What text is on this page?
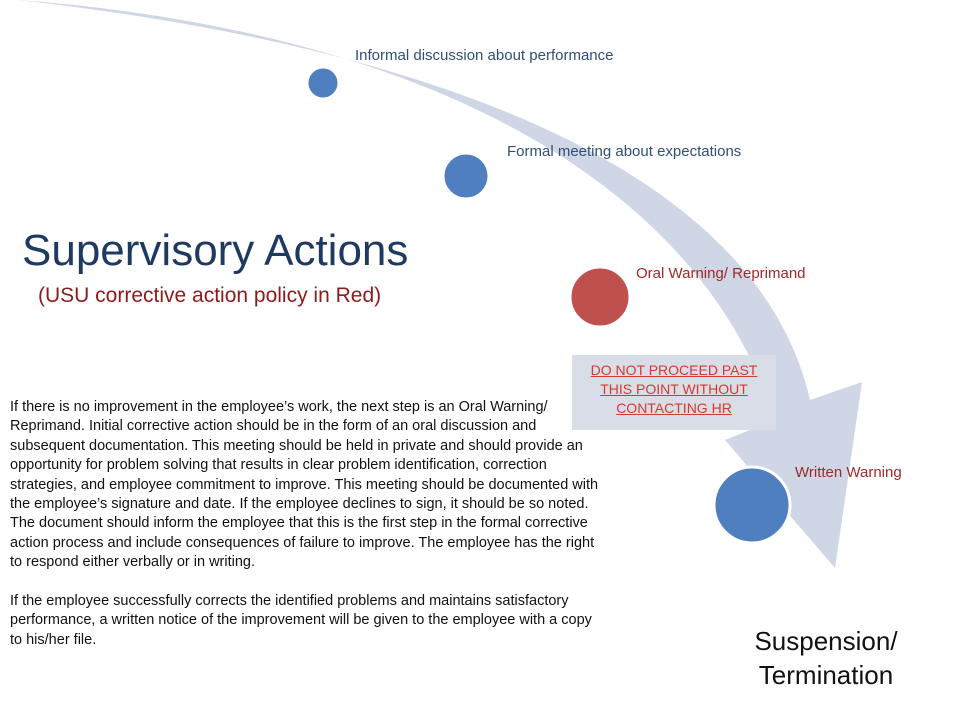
Informal discussion about performance
Formal meeting about expectations
Oral Warning/ Reprimand
Written Warning
Supervisory Actions
(USU corrective action policy in Red)
DO NOT PROCEED PAST
THIS POINT WITHOUT
CONTACTING HR

If there is no improvement in the employee’s work, the next step is an Oral Warning/ Reprimand. Initial corrective action should be in the form of an oral discussion and subsequent documentation. This meeting should be held in private and should provide an opportunity for problem solving that results in clear problem identification, correction strategies, and employee commitment to improve. This meeting should be documented with the employee’s signature and date. If the employee declines to sign, it should be so noted. The document should inform the employee that this is the first step in the formal corrective action process and include consequences of failure to improve. The employee has the right to respond either verbally or in writing.

If the employee successfully corrects the identified problems and maintains satisfactory performance, a written notice of the improvement will be given to the employee with a copy to his/her file.	Suspension/
Termination
